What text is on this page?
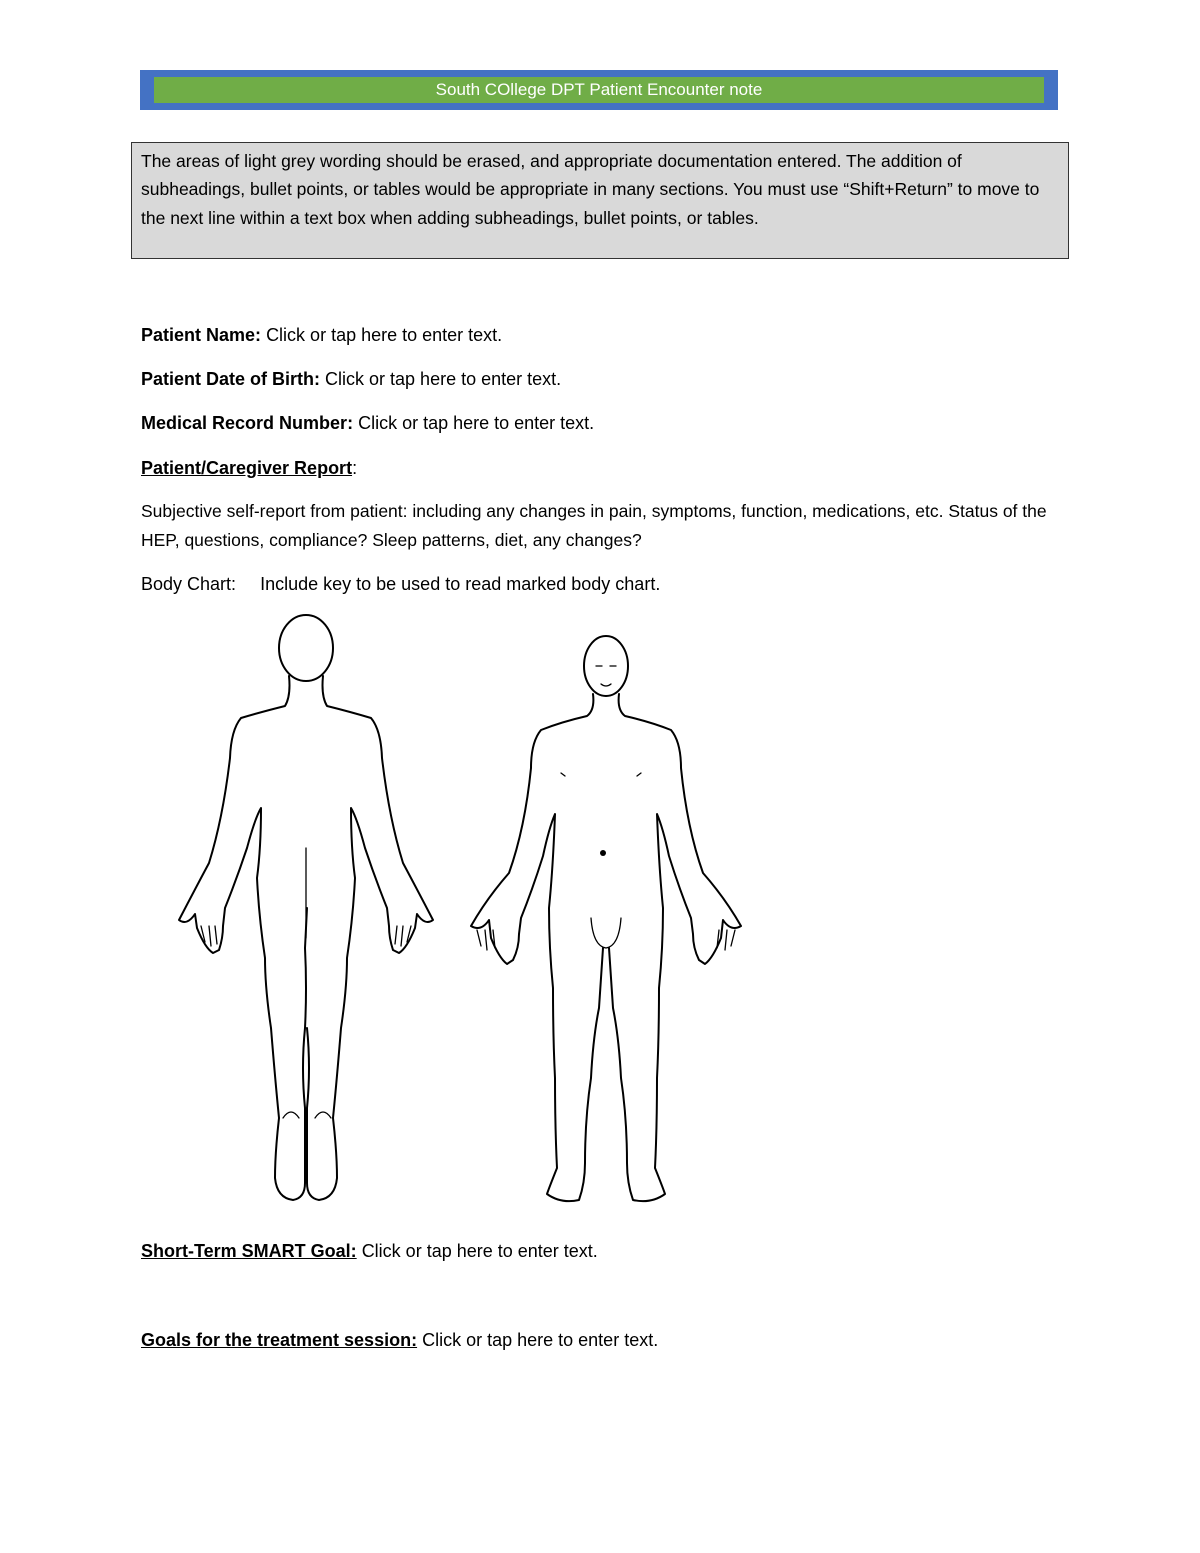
South COllege DPT Patient Encounter note
The areas of light grey wording should be erased, and appropriate documentation entered. The addition of subheadings, bullet points, or tables would be appropriate in many sections. You must use “Shift+Return” to move to the next line within a text box when adding subheadings, bullet points, or tables.
Patient Name: Click or tap here to enter text.
Patient Date of Birth: Click or tap here to enter text.
Medical Record Number: Click or tap here to enter text.
Patient/Caregiver Report:
Subjective self-report from patient: including any changes in pain, symptoms, function, medications, etc. Status of the HEP, questions, compliance? Sleep patterns, diet, any changes?
Body Chart: Include key to be used to read marked body chart.
Short-Term SMART Goal: Click or tap here to enter text.
Goals for the treatment session: Click or tap here to enter text.
